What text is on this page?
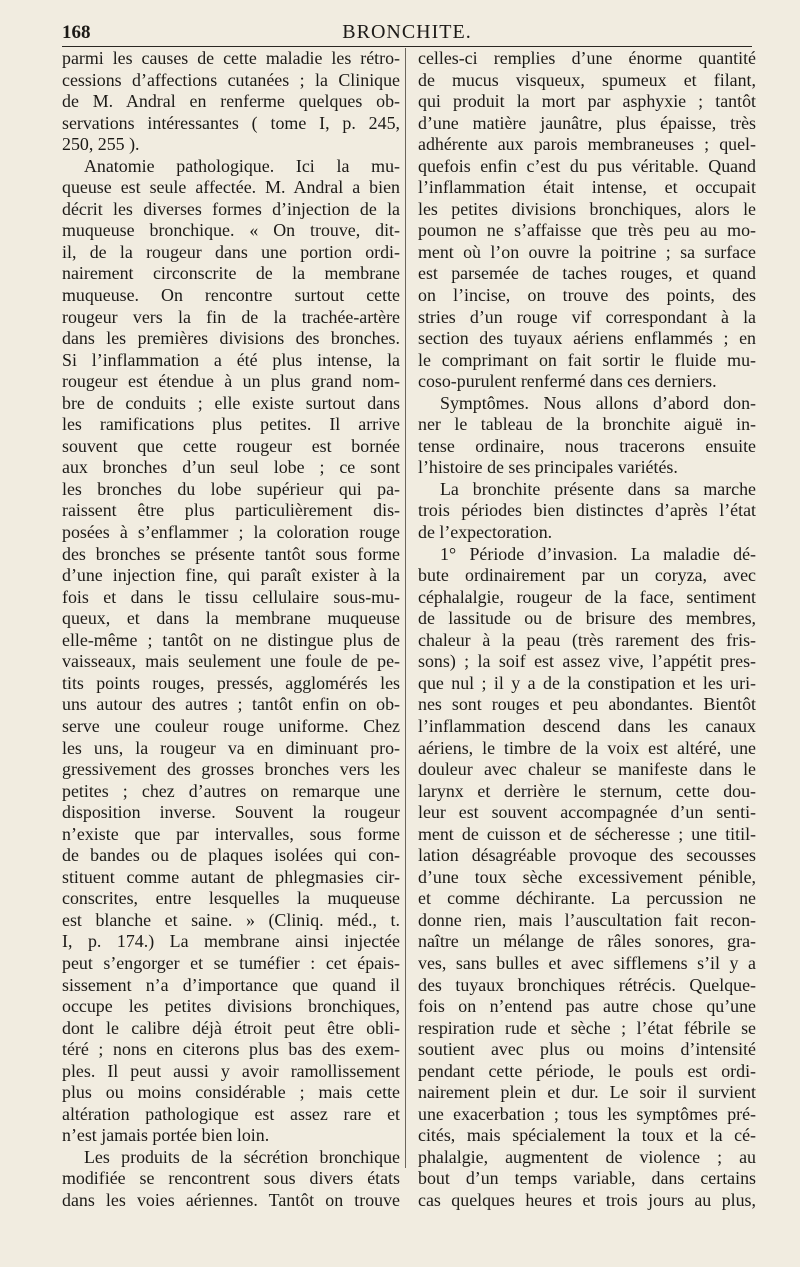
168	BRONCHITE.
parmi les causes de cette maladie les rétro-
cessions d’affections cutanées ; la Clinique
de M. Andral en renferme quelques ob-
servations intéressantes ( tome I, p. 245,
250, 255 ).
Anatomie pathologique. Ici la mu-
queuse est seule affectée. M. Andral a bien
décrit les diverses formes d’injection de la
muqueuse bronchique. « On trouve, dit-
il, de la rougeur dans une portion ordi-
nairement circonscrite de la membrane
muqueuse. On rencontre surtout cette
rougeur vers la fin de la trachée-artère
dans les premières divisions des bronches.
Si l’inflammation a été plus intense, la
rougeur est étendue à un plus grand nom-
bre de conduits ; elle existe surtout dans
les ramifications plus petites. Il arrive
souvent que cette rougeur est bornée
aux bronches d’un seul lobe ; ce sont
les bronches du lobe supérieur qui pa-
raissent être plus particulièrement dis-
posées à s’enflammer ; la coloration rouge
des bronches se présente tantôt sous forme
d’une injection fine, qui paraît exister à la
fois et dans le tissu cellulaire sous-mu-
queux, et dans la membrane muqueuse
elle-même ; tantôt on ne distingue plus de
vaisseaux, mais seulement une foule de pe-
tits points rouges, pressés, agglomérés les
uns autour des autres ; tantôt enfin on ob-
serve une couleur rouge uniforme. Chez
les uns, la rougeur va en diminuant pro-
gressivement des grosses bronches vers les
petites ; chez d’autres on remarque une
disposition inverse. Souvent la rougeur
n’existe que par intervalles, sous forme
de bandes ou de plaques isolées qui con-
stituent comme autant de phlegmasies cir-
conscrites, entre lesquelles la muqueuse
est blanche et saine. » (Cliniq. méd., t.
I, p. 174.) La membrane ainsi injectée
peut s’engorger et se tuméfier : cet épais-
sissement n’a d’importance que quand il
occupe les petites divisions bronchiques,
dont le calibre déjà étroit peut être obli-
téré ; nons en citerons plus bas des exem-
ples. Il peut aussi y avoir ramollissement
plus ou moins considérable ; mais cette
altération pathologique est assez rare et
n’est jamais portée bien loin.
Les produits de la sécrétion bronchique
modifiée se rencontrent sous divers états
dans les voies aériennes. Tantôt on trouve
celles-ci remplies d’une énorme quantité
de mucus visqueux, spumeux et filant,
qui produit la mort par asphyxie ; tantôt
d’une matière jaunâtre, plus épaisse, très
adhérente aux parois membraneuses ; quel-
quefois enfin c’est du pus véritable. Quand
l’inflammation était intense, et occupait
les petites divisions bronchiques, alors le
poumon ne s’affaisse que très peu au mo-
ment où l’on ouvre la poitrine ; sa surface
est parsemée de taches rouges, et quand
on l’incise, on trouve des points, des
stries d’un rouge vif correspondant à la
section des tuyaux aériens enflammés ; en
le comprimant on fait sortir le fluide mu-
coso-purulent renfermé dans ces derniers.
Symptômes. Nous allons d’abord don-
ner le tableau de la bronchite aiguë in-
tense ordinaire, nous tracerons ensuite
l’histoire de ses principales variétés.
La bronchite présente dans sa marche
trois périodes bien distinctes d’après l’état
de l’expectoration.
1° Période d’invasion. La maladie dé-
bute ordinairement par un coryza, avec
céphalalgie, rougeur de la face, sentiment
de lassitude ou de brisure des membres,
chaleur à la peau (très rarement des fris-
sons) ; la soif est assez vive, l’appétit pres-
que nul ; il y a de la constipation et les uri-
nes sont rouges et peu abondantes. Bientôt
l’inflammation descend dans les canaux
aériens, le timbre de la voix est altéré, une
douleur avec chaleur se manifeste dans le
larynx et derrière le sternum, cette dou-
leur est souvent accompagnée d’un senti-
ment de cuisson et de sécheresse ; une titil-
lation désagréable provoque des secousses
d’une toux sèche excessivement pénible,
et comme déchirante. La percussion ne
donne rien, mais l’auscultation fait recon-
naître un mélange de râles sonores, gra-
ves, sans bulles et avec sifflemens s’il y a
des tuyaux bronchiques rétrécis. Quelque-
fois on n’entend pas autre chose qu’une
respiration rude et sèche ; l’état fébrile se
soutient avec plus ou moins d’intensité
pendant cette période, le pouls est ordi-
nairement plein et dur. Le soir il survient
une exacerbation ; tous les symptômes pré-
cités, mais spécialement la toux et la cé-
phalalgie, augmentent de violence ; au
bout d’un temps variable, dans certains
cas quelques heures et trois jours au plus,
